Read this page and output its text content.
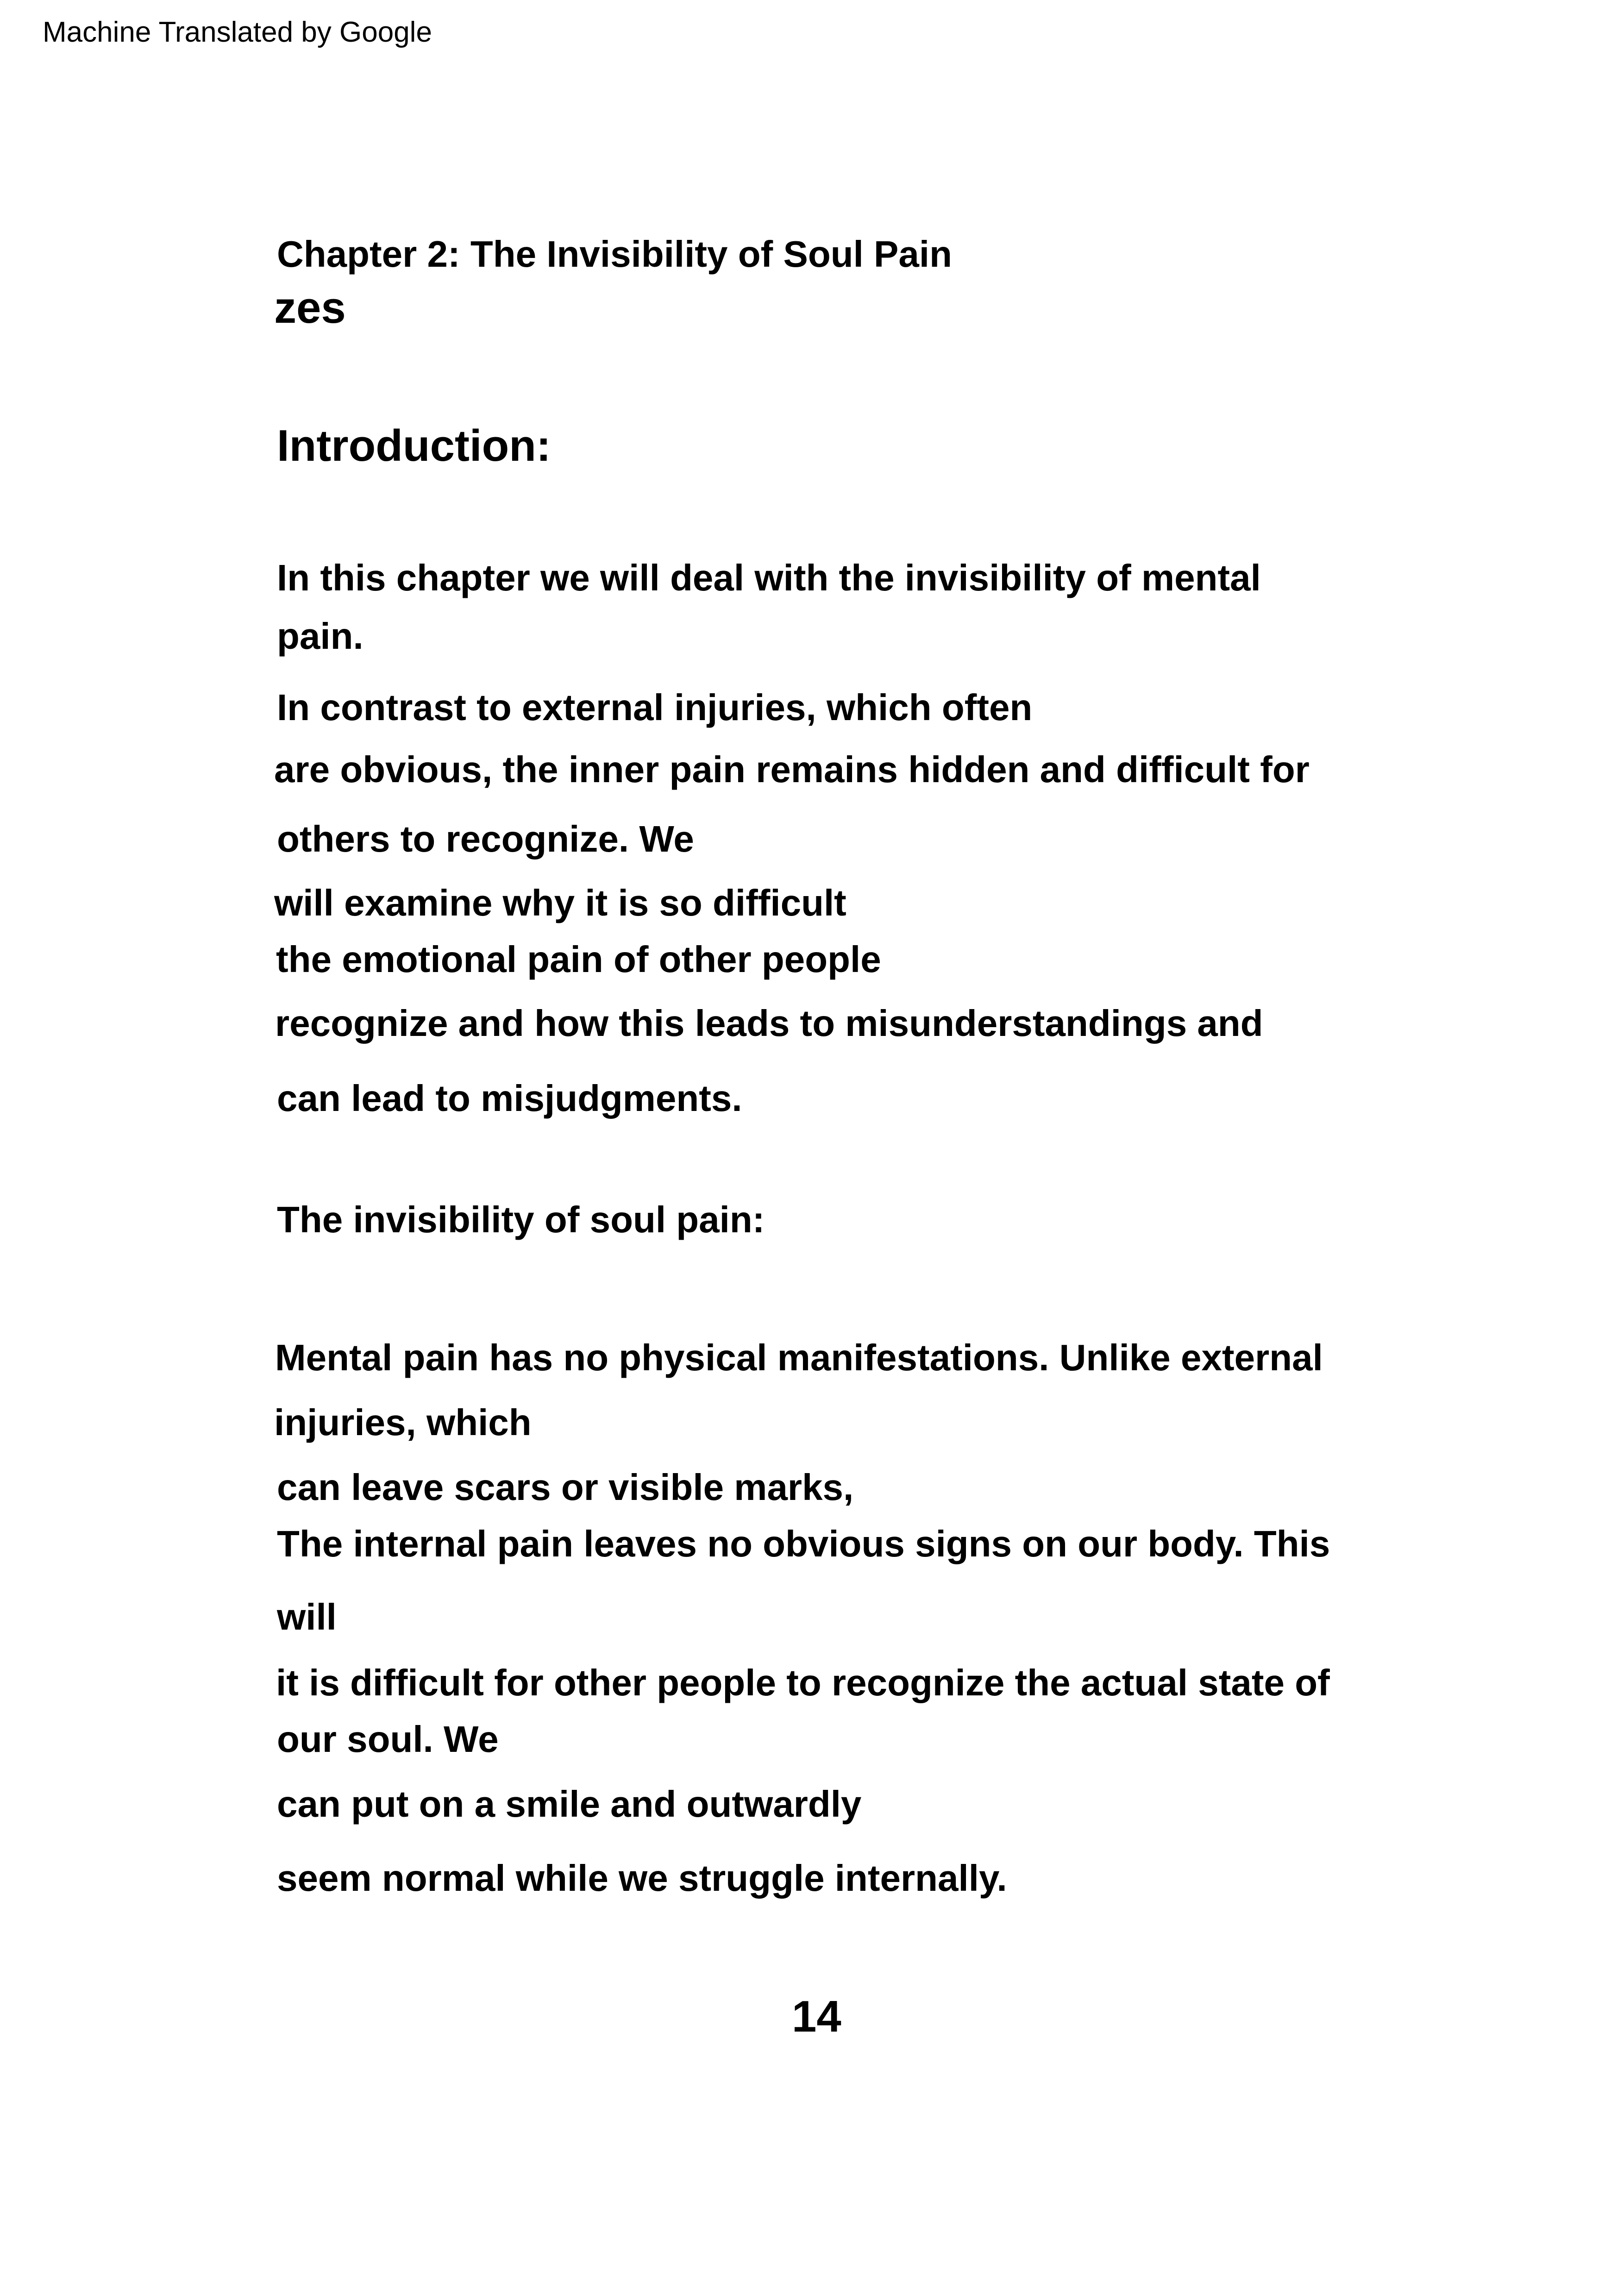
Machine Translated by Google
Chapter 2: The Invisibility of Soul Pain
zes
Introduction:
In this chapter we will deal with the invisibility of mental
pain.
In contrast to external injuries, which often
are obvious, the inner pain remains hidden and difficult for
others to recognize. We
will examine why it is so difficult
the emotional pain of other people
recognize and how this leads to misunderstandings and
can lead to misjudgments.
The invisibility of soul pain:
Mental pain has no physical manifestations. Unlike external
injuries, which
can leave scars or visible marks,
The internal pain leaves no obvious signs on our body. This
will
it is difficult for other people to recognize the actual state of
our soul. We
can put on a smile and outwardly
seem normal while we struggle internally.
14
